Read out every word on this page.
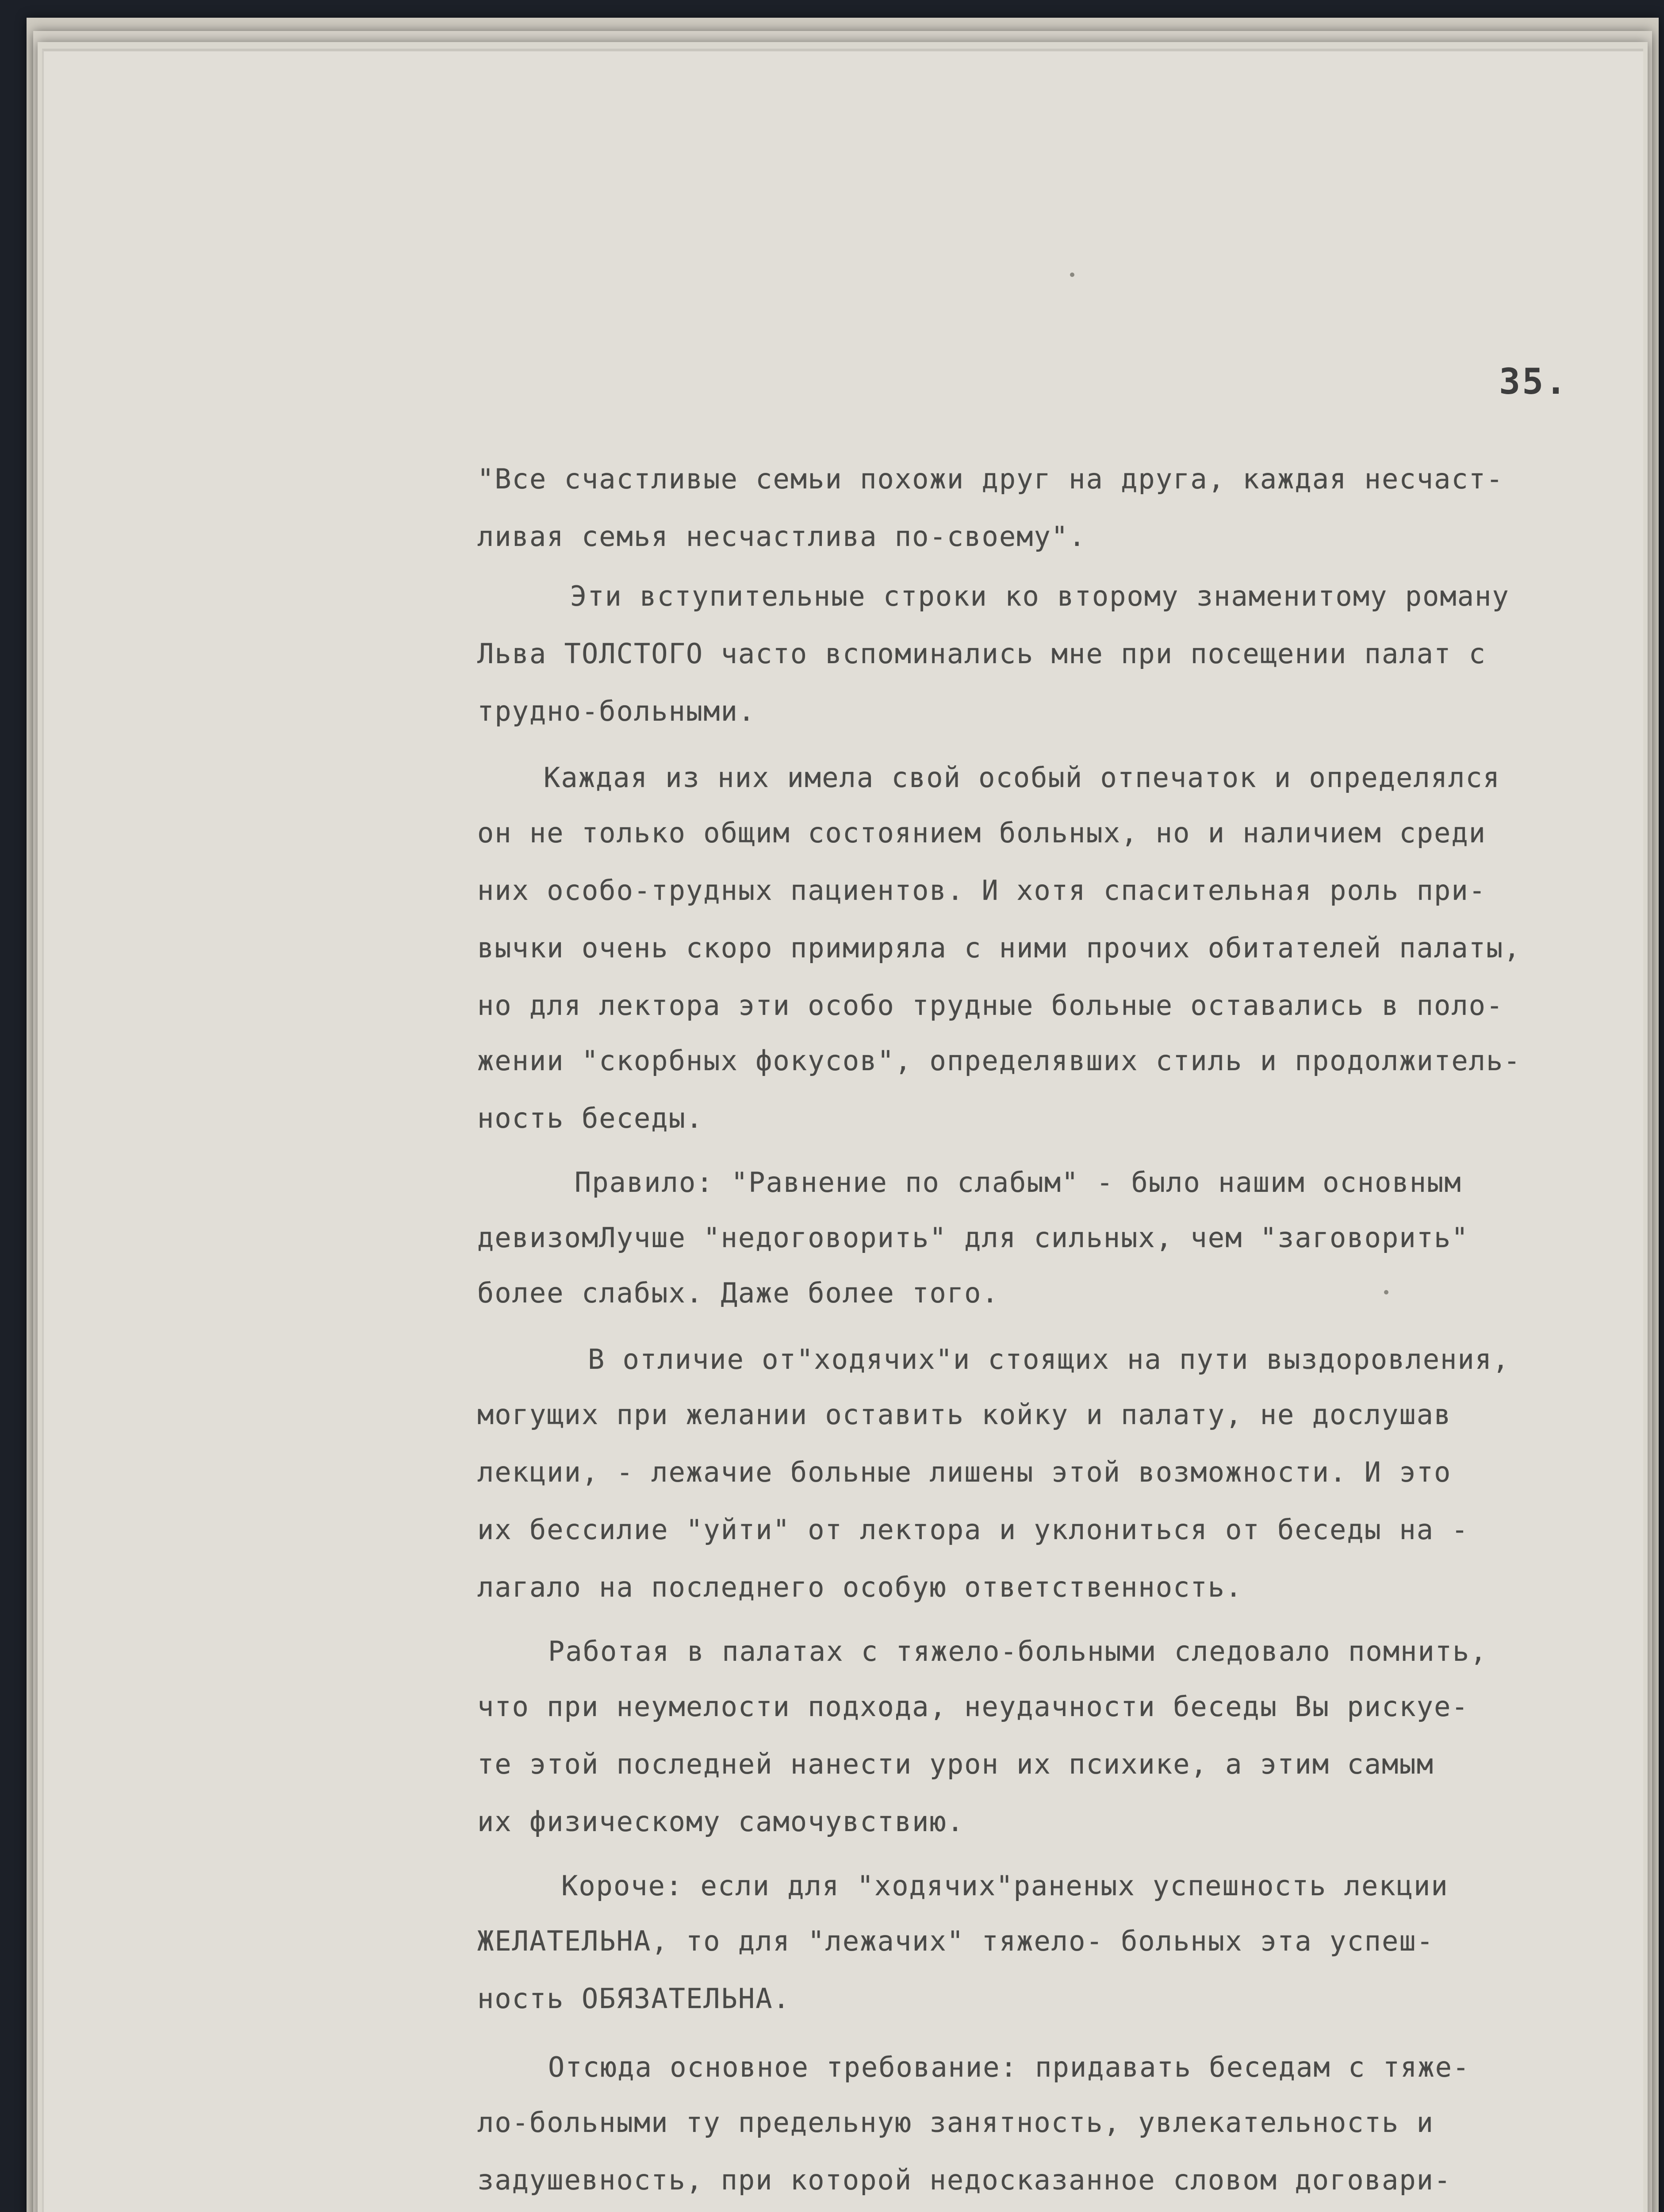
35.
"Все счастливые семьи похожи друг на друга, каждая несчаст-
ливая семья несчастлива по-своему".
Эти вступительные строки ко второму знаменитому роману
Льва ТОЛСТОГО часто вспоминались мне при посещении палат с
трудно-больными.
Каждая из них имела свой особый отпечаток и определялся
он не только общим состоянием больных, но и наличием среди
них особо-трудных пациентов. И хотя спасительная роль при-
вычки очень скоро примиряла с ними прочих обитателей палаты,
но для лектора эти особо трудные больные оставались в поло-
жении "скорбных фокусов", определявших стиль и продолжитель-
ность беседы.
Правило: "Равнение по слабым" - было нашим основным
девизомЛучше "недоговорить" для сильных, чем "заговорить"
более слабых. Даже более того.
В отличие от"ходячих"и стоящих на пути выздоровления,
могущих при желании оставить койку и палату, не дослушав
лекции, - лежачие больные лишены этой возможности. И это
их бессилие "уйти" от лектора и уклониться от беседы на -
лагало на последнего особую ответственность.
Работая в палатах с тяжело-больными следовало помнить,
что при неумелости подхода, неудачности беседы Вы рискуе-
те этой последней нанести урон их психике, а этим самым
их физическому самочувствию.
Короче: если для "ходячих"раненых успешность лекции
ЖЕЛАТЕЛЬНА, то для "лежачих" тяжело- больных эта успеш-
ность ОБЯЗАТЕЛЬНА.
Отсюда основное требование: придавать беседам с тяже-
ло-больными ту предельную занятность, увлекательность и
задушевность, при которой недосказанное словом договари-
